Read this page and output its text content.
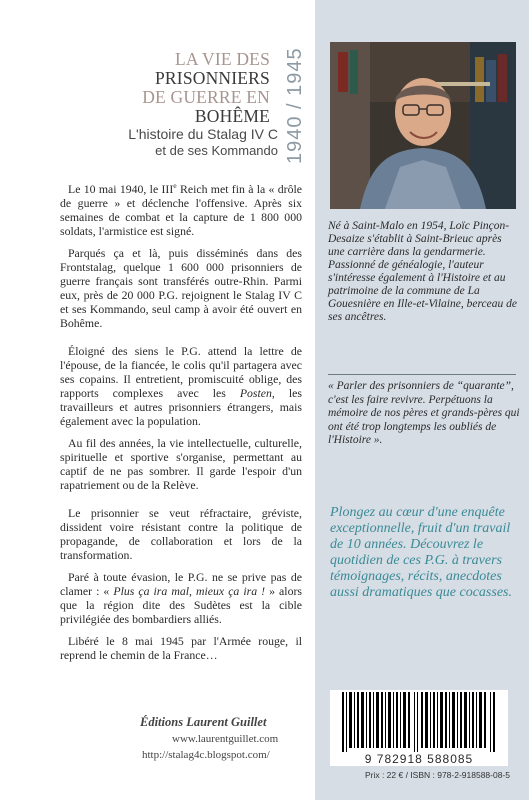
LA VIE DES
PRISONNIERS
DE GUERRE EN
BOHÊME
L'histoire du Stalag IV C
et de ses Kommando 1940 / 1945

Le 10 mai 1940, le IIIe Reich met fin à la « drôle de guerre » et déclenche l'offensive. Après six semaines de combat et la capture de 1 800 000 soldats, l'armistice est signé.

Parqués ça et là, puis disséminés dans des Frontstalag, quelque 1 600 000 prisonniers de guerre français sont transférés outre-Rhin. Parmi eux, près de 20 000 P.G. rejoignent le Stalag IV C et ses Kommando, seul camp à avoir été ouvert en Bohême.

Éloigné des siens le P.G. attend la lettre de l'épouse, de la fiancée, le colis qu'il partagera avec ses copains. Il entretient, promiscuité oblige, des rapports complexes avec les Posten, les travailleurs et autres prisonniers étrangers, mais également avec la population.

Au fil des années, la vie intellectuelle, culturelle, spirituelle et sportive s'organise, permettant au captif de ne pas sombrer. Il garde l'espoir d'un rapatriement ou de la Relève.

Le prisonnier se veut réfractaire, gréviste, dissident voire résistant contre la politique de propagande, de collaboration et lors de la transformation.

Paré à toute évasion, le P.G. ne se prive pas de clamer : « Plus ça ira mal, mieux ça ira ! » alors que la région dite des Sudètes est la cible privilégiée des bombardiers alliés.

Libéré le 8 mai 1945 par l'Armée rouge, il reprend le chemin de la France…

Éditions Laurent Guillet
www.laurentguillet.com
http://stalag4c.blogspot.com/
Né à Saint-Malo en 1954, Loïc Pinçon-Desaize s'établit à Saint-Brieuc après une carrière dans la gendarmerie. Passionné de généalogie, l'auteur s'intéresse également à l'Histoire et au patrimoine de la commune de La Gouesnière en Ille-et-Vilaine, berceau de ses ancêtres.
« Parler des prisonniers de “quarante”, c'est les faire revivre. Perpétuons la mémoire de nos pères et grands-pères qui ont été trop longtemps les oubliés de l'Histoire ».
Plongez au cœur d'une enquête exceptionnelle, fruit d'un travail de 10 années. Découvrez le quotidien de ces P.G. à travers témoignages, récits, anecdotes aussi dramatiques que cocasses.
9 782918 588085
Prix : 22 € / ISBN : 978-2-918588-08-5
